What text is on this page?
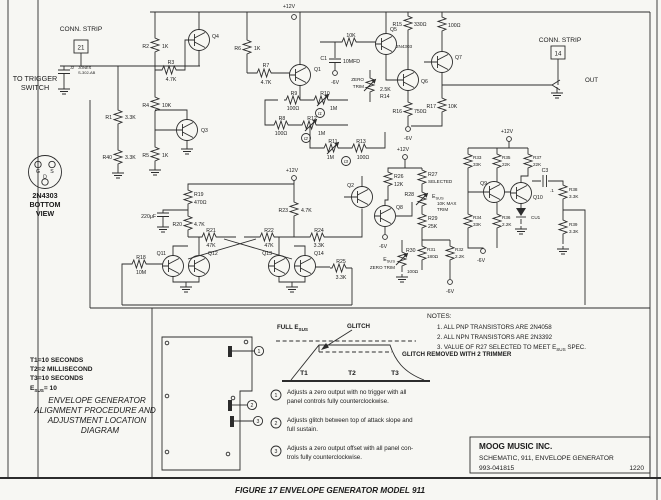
CONN. STRIP
21
TO TRIGGER
SWITCH
J2 JONES
S-302-AB
R1	3.3K
R40	3.3K
R2	1K
R3
4.7K
R4	10K
R5	1K
Q4
Q3
R6	1K
R7
4.7K
Q1
R9
100Ω
R10
1M
t1
R8
100Ω
R12
1M
t2
R11
1M
R13
100Ω
t3
10K
C1	10MFD
-6V
Q5
2N4303
R15 330Ω	100Ω
Q7
Q6
ZERO
TRIM
2.5K
R14
R16 750Ω
R17 10K
-6V
CONN. STRIP
14
OUT
+12V
+12V
R19
470Ω
R20 4.7K
220μF
R23	4.7K
R21
47K
R22
47K
R24
3.3K
R25
3.3K
R18
10M
Q11	Q12	Q13	Q14
Q2
+12V
R26
12K
R27
SELECTED
R28	$E_{SUS}$
10K MAX
TRIM
Q8
-6V
R29
25K
R30
$E_{SUS}$
ZERO TRIM
100Ω
R31
180Ω
R32
2.2K
-6V
+12V
R33
33K
R35
22K
R37
22K
Q9
Q10
R34
33K
R36
2.2K
-6V
CU1
C3
.1	R38
3.3K
R39
3.3K
G S
D
2N4303
BOTTOM
VIEW
FULL $E_{SUS}$	GLITCH
GLITCH REMOVED WITH 2 TRIMMER
T1	T2	T3
NOTES:
1. ALL PNP TRANSISTORS ARE 2N4058
2. ALL NPN TRANSISTORS ARE 2N3392
3. VALUE OF R27 SELECTED TO MEET $E_{SUS}$ SPEC.
T1=10 SECONDS
T2=2 MILLISECOND
T3=10 SECONDS
$E_{SUS}= 10$
ENVELOPE GENERATOR
ALIGNMENT PROCEDURE AND
ADJUSTMENT LOCATION
DIAGRAM
1
2
3
1 Adjusts a zero output with no trigger with all
panel controls fully counterclockwise.
2 Adjusts glitch between top of attack slope and
full sustain.
3 Adjusts a zero output offset with all panel con-
trols fully counterclockwise.
MOOG MUSIC INC.
SCHEMATIC, 911, ENVELOPE GENERATOR
993-041815	1220
FIGURE 17 ENVELOPE GENERATOR MODEL 911
